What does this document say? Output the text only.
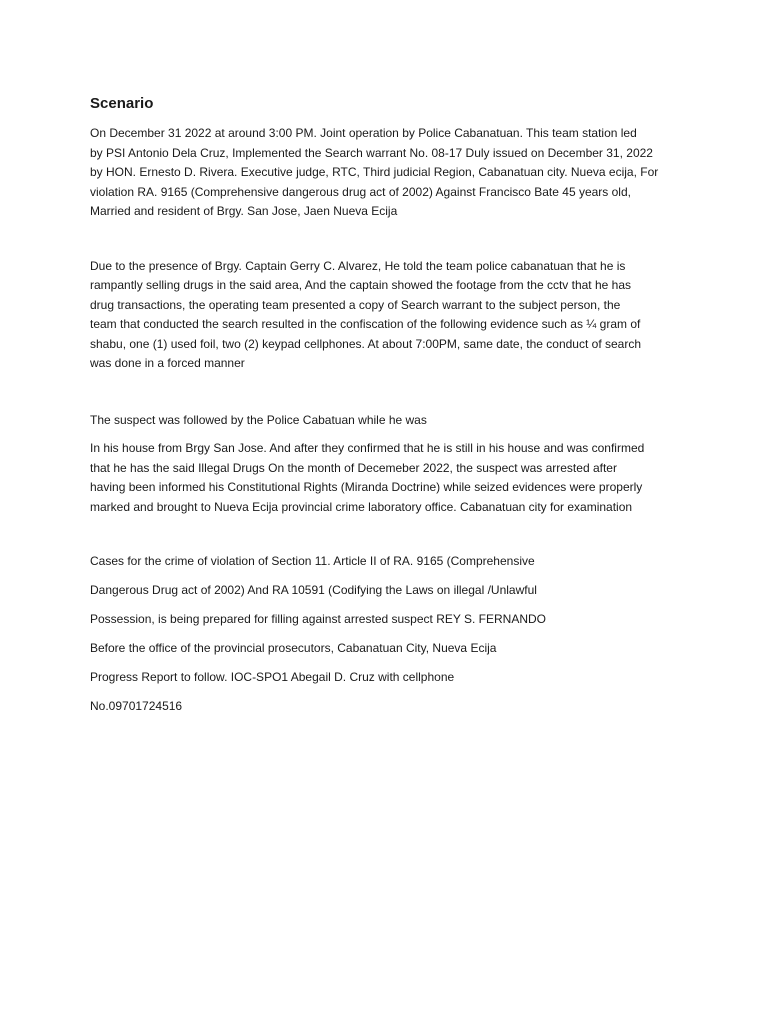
Scenario

On December 31 2022 at around 3:00 PM. Joint operation by Police Cabanatuan. This team station led
by PSI Antonio Dela Cruz, Implemented the Search warrant No. 08-17 Duly issued on December 31, 2022
by HON. Ernesto D. Rivera. Executive judge, RTC, Third judicial Region, Cabanatuan city. Nueva ecija, For
violation RA. 9165 (Comprehensive dangerous drug act of 2002) Against Francisco Bate 45 years old,
Married and resident of Brgy. San Jose, Jaen Nueva Ecija

Due to the presence of Brgy. Captain Gerry C. Alvarez, He told the team police cabanatuan that he is
rampantly selling drugs in the said area, And the captain showed the footage from the cctv that he has
drug transactions, the operating team presented a copy of Search warrant to the subject person, the
team that conducted the search resulted in the confiscation of the following evidence such as ¼ gram of
shabu, one (1) used foil, two (2) keypad cellphones. At about 7:00PM, same date, the conduct of search
was done in a forced manner

The suspect was followed by the Police Cabatuan while he was

In his house from Brgy San Jose. And after they confirmed that he is still in his house and was confirmed
that he has the said Illegal Drugs On the month of Decemeber 2022, the suspect was arrested after
having been informed his Constitutional Rights (Miranda Doctrine) while seized evidences were properly
marked and brought to Nueva Ecija provincial crime laboratory office. Cabanatuan city for examination

Cases for the crime of violation of Section 11. Article II of RA. 9165 (Comprehensive

Dangerous Drug act of 2002) And RA 10591 (Codifying the Laws on illegal /Unlawful

Possession, is being prepared for filling against arrested suspect REY S. FERNANDO

Before the office of the provincial prosecutors, Cabanatuan City, Nueva Ecija

Progress Report to follow. IOC-SPO1 Abegail D. Cruz with cellphone

No.09701724516
